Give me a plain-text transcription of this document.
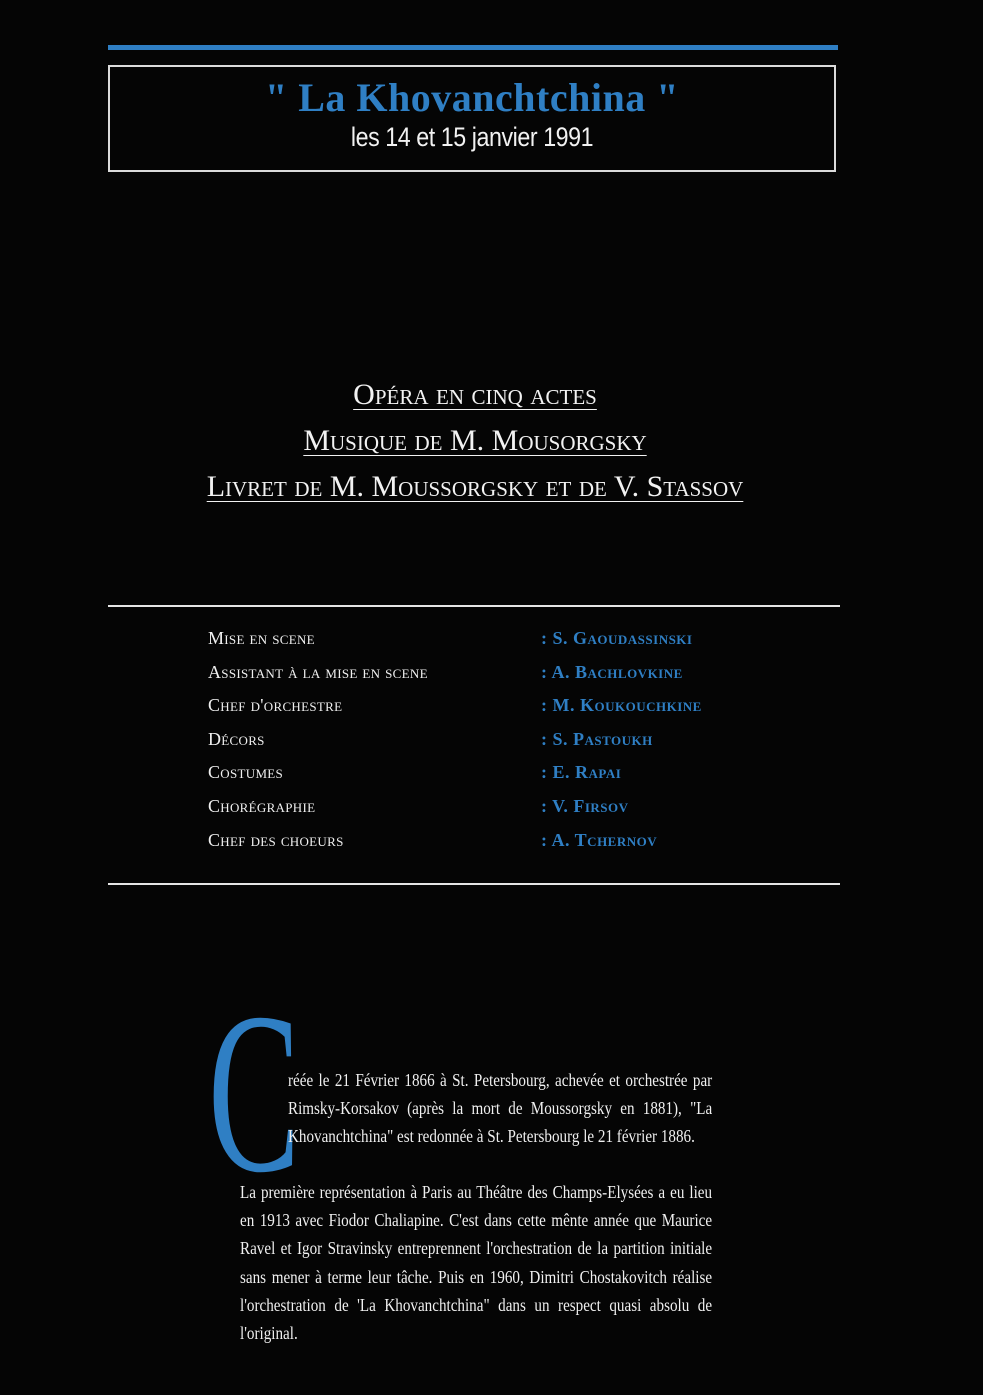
" La Khovanchtchina "
les 14 et 15 janvier 1991
Opéra en cinq actes
Musique de M. Mousorgsky
Livret de M. Moussorgsky et de V. Stassov
Mise en scene	: S. Gaoudassinski
Assistant à la mise en scene	: A. Bachlovkine
Chef d'orchestre	: M. Koukouchkine
Décors	: S. Pastoukh
Costumes	: E. Rapai
Chorégraphie	: V. Firsov
Chef des choeurs	: A. Tchernov
C
réée le 21 Février 1866 à St. Petersbourg, achevée et orchestrée par Rimsky-Korsakov (après la mort de Moussorgsky en 1881), "La Khovanchtchina" est redonnée à St. Petersbourg le 21 février 1886.
La première représentation à Paris au Théâtre des Champs-Elysées a eu lieu en 1913 avec Fiodor Chaliapine. C'est dans cette mênte année que Maurice Ravel et Igor Stravinsky entreprennent l'orchestration de la partition initiale sans mener à terme leur tâche. Puis en 1960, Dimitri Chostakovitch réalise l'orchestration de 'La Khovanchtchina" dans un respect quasi absolu de l'original.
